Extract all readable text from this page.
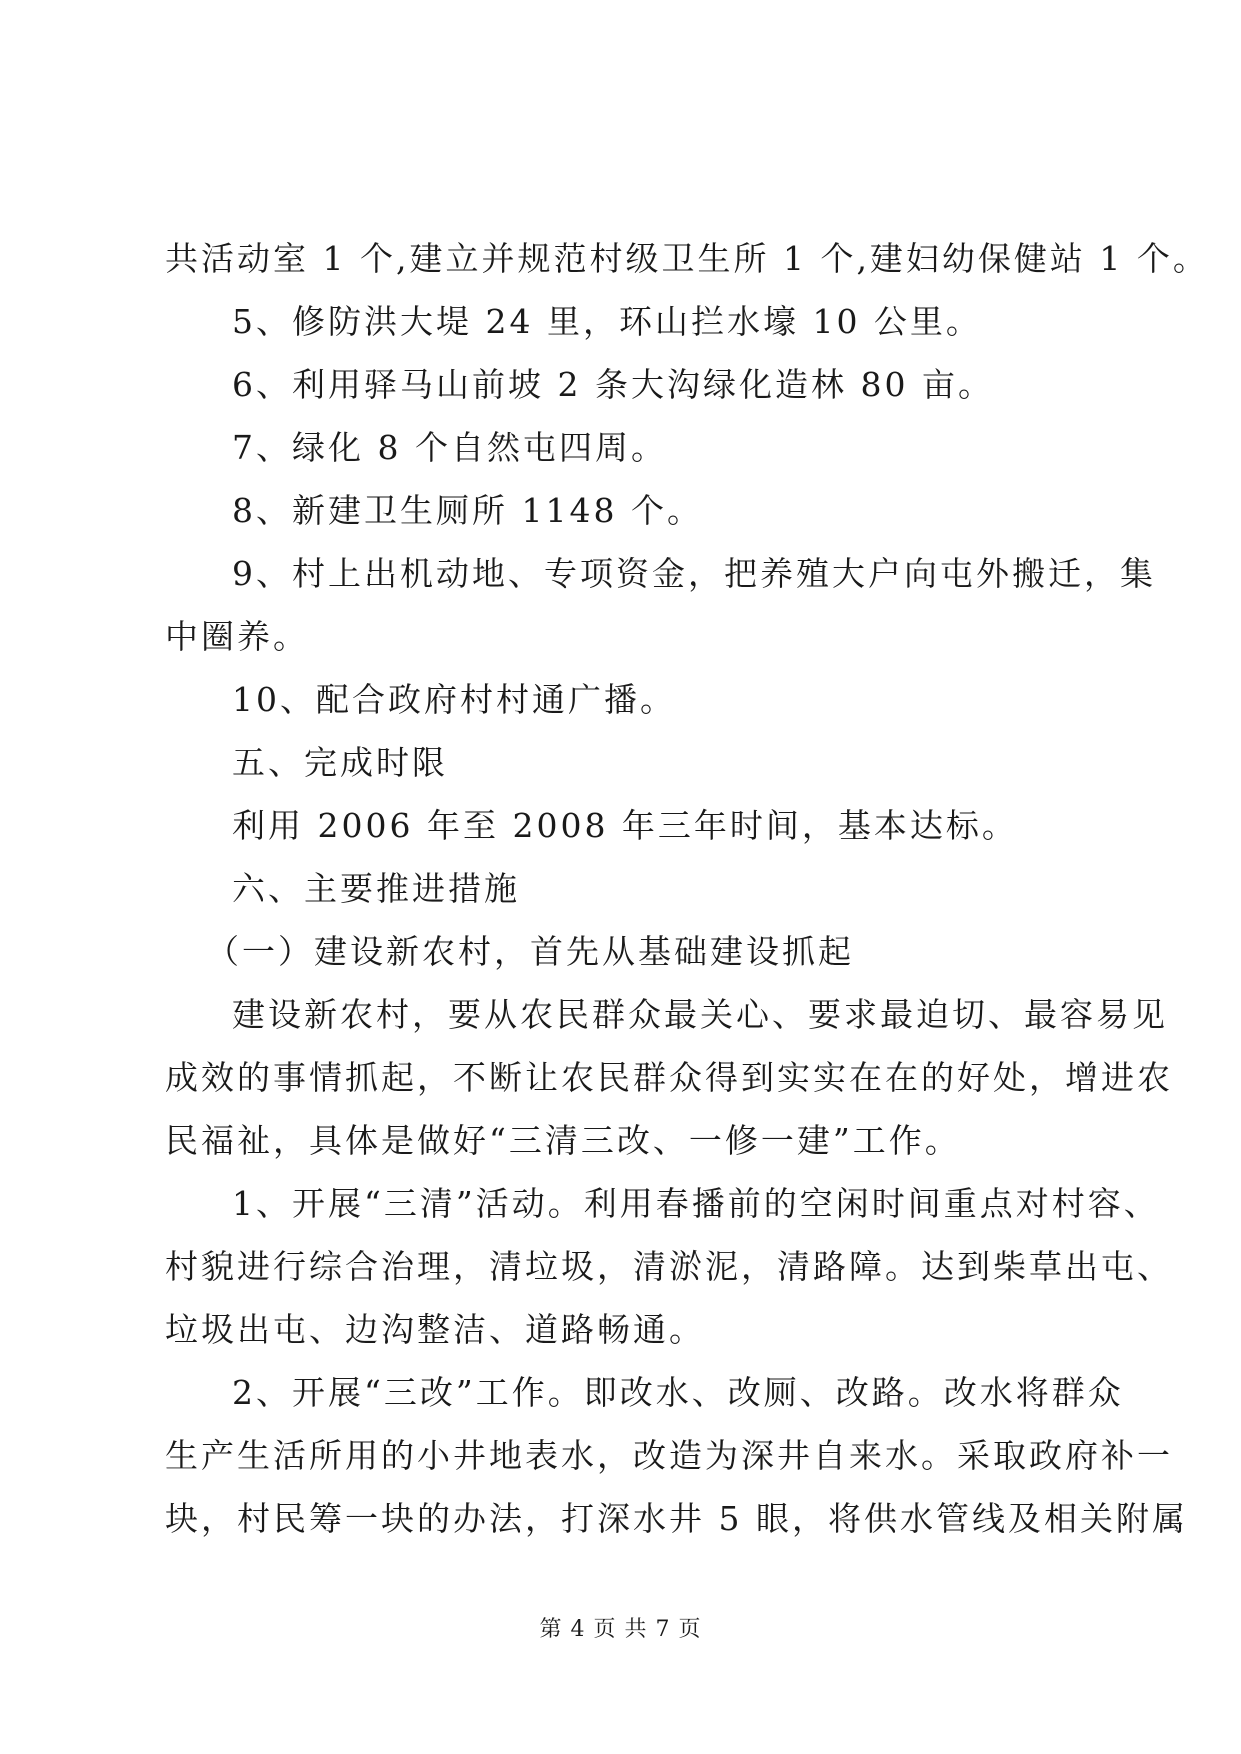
共活动室 1 个,建立并规范村级卫生所 1 个,建妇幼保健站 1 个。
5、修防洪大堤 24 里，环山拦水壕 10 公里。
6、利用驿马山前坡 2 条大沟绿化造林 80 亩。
7、绿化 8 个自然屯四周。
8、新建卫生厕所 1148 个。
9、村上出机动地、专项资金，把养殖大户向屯外搬迁，集
中圈养。
10、配合政府村村通广播。
五、完成时限
利用 2006 年至 2008 年三年时间，基本达标。
六、主要推进措施
（一）建设新农村，首先从基础建设抓起
建设新农村，要从农民群众最关心、要求最迫切、最容易见
成效的事情抓起，不断让农民群众得到实实在在的好处，增进农
民福祉，具体是做好“三清三改、一修一建”工作。
1、开展“三清”活动。利用春播前的空闲时间重点对村容、
村貌进行综合治理，清垃圾，清淤泥，清路障。达到柴草出屯、
垃圾出屯、边沟整洁、道路畅通。
2、开展“三改”工作。即改水、改厕、改路。改水将群众
生产生活所用的小井地表水，改造为深井自来水。采取政府补一
块，村民筹一块的办法，打深水井 5 眼，将供水管线及相关附属
第 4 页 共 7 页
